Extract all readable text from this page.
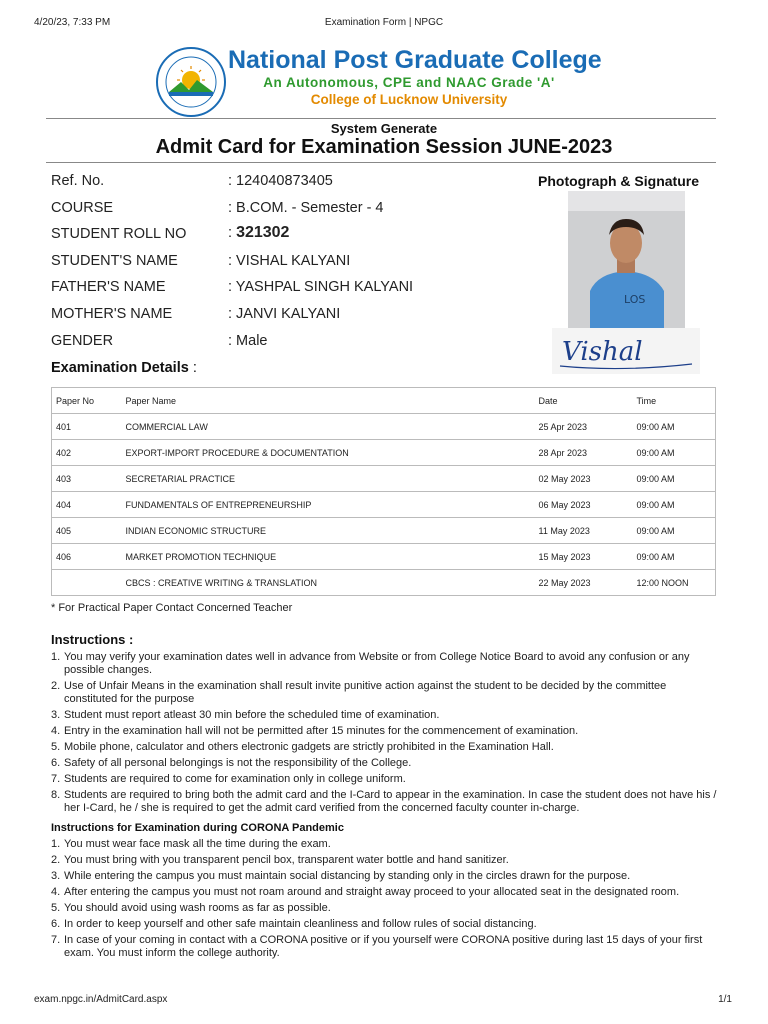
4/20/23, 7:33 PM	Examination Form | NPGC
exam.npgc.in/AdmitCard.aspx	1/1
National Post Graduate College
An Autonomous, CPE and NAAC Grade 'A'
College of Lucknow University
System Generate
Admit Card for Examination Session JUNE-2023
Ref. No.	: 124040873405
COURSE	: B.COM. - Semester - 4
STUDENT ROLL NO	: 321302
STUDENT'S NAME	: VISHAL KALYANI
FATHER'S NAME	: YASHPAL SINGH KALYANI
MOTHER'S NAME	: JANVI KALYANI
GENDER	: Male
Photograph & Signature
LOS
Vishal
Examination Details :
Paper No	Paper Name	Date	Time
401	COMMERCIAL LAW	25 Apr 2023	09:00 AM
402	EXPORT-IMPORT PROCEDURE & DOCUMENTATION	28 Apr 2023	09:00 AM
403	SECRETARIAL PRACTICE	02 May 2023	09:00 AM
404	FUNDAMENTALS OF ENTREPRENEURSHIP	06 May 2023	09:00 AM
405	INDIAN ECONOMIC STRUCTURE	11 May 2023	09:00 AM
406	MARKET PROMOTION TECHNIQUE	15 May 2023	09:00 AM
	CBCS : CREATIVE WRITING & TRANSLATION	22 May 2023	12:00 NOON
* For Practical Paper Contact Concerned Teacher
Instructions :
1. You may verify your examination dates well in advance from Website or from College Notice Board to avoid any confusion or any possible changes.
2. Use of Unfair Means in the examination shall result invite punitive action against the student to be decided by the committee constituted for the purpose
3. Student must report atleast 30 min before the scheduled time of examination.
4. Entry in the examination hall will not be permitted after 15 minutes for the commencement of examination.
5. Mobile phone, calculator and others electronic gadgets are strictly prohibited in the Examination Hall.
6. Safety of all personal belongings is not the responsibility of the College.
7. Students are required to come for examination only in college uniform.
8. Students are required to bring both the admit card and the I-Card to appear in the examination. In case the student does not have his / her I-Card, he / she is required to get the admit card verified from the concerned faculty counter in-charge.
Instructions for Examination during CORONA Pandemic
1. You must wear face mask all the time during the exam.
2. You must bring with you transparent pencil box, transparent water bottle and hand sanitizer.
3. While entering the campus you must maintain social distancing by standing only in the circles drawn for the purpose.
4. After entering the campus you must not roam around and straight away proceed to your allocated seat in the designated room.
5. You should avoid using wash rooms as far as possible.
6. In order to keep yourself and other safe maintain cleanliness and follow rules of social distancing.
7. In case of your coming in contact with a CORONA positive or if you yourself were CORONA positive during last 15 days of your first exam. You must inform the college authority.
